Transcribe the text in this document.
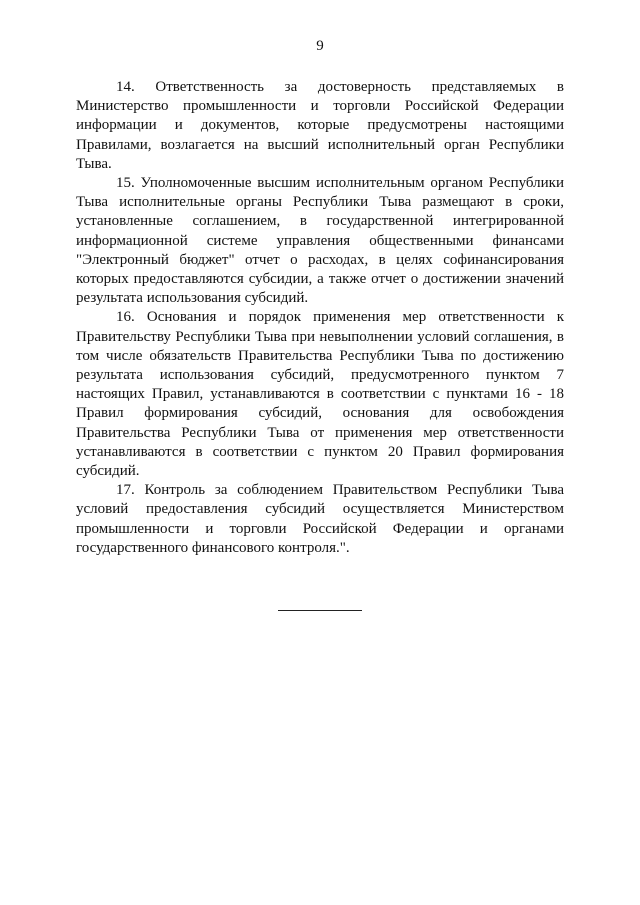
9

14. Ответственность за достоверность представляемых в Министерство промышленности и торговли Российской Федерации информации и документов, которые предусмотрены настоящими Правилами, возлагается на высший исполнительный орган Республики Тыва.

15. Уполномоченные высшим исполнительным органом Республики Тыва исполнительные органы Республики Тыва размещают в сроки, установленные соглашением, в государственной интегрированной информационной системе управления общественными финансами "Электронный бюджет" отчет о расходах, в целях софинансирования которых предоставляются субсидии, а также отчет о достижении значений результата использования субсидий.

16. Основания и порядок применения мер ответственности к Правительству Республики Тыва при невыполнении условий соглашения, в том числе обязательств Правительства Республики Тыва по достижению результата использования субсидий, предусмотренного пунктом 7 настоящих Правил, устанавливаются в соответствии с пунктами 16 - 18 Правил формирования субсидий, основания для освобождения Правительства Республики Тыва от применения мер ответственности устанавливаются в соответствии с пунктом 20 Правил формирования субсидий.

17. Контроль за соблюдением Правительством Республики Тыва условий предоставления субсидий осуществляется Министерством промышленности и торговли Российской Федерации и органами государственного финансового контроля.".
